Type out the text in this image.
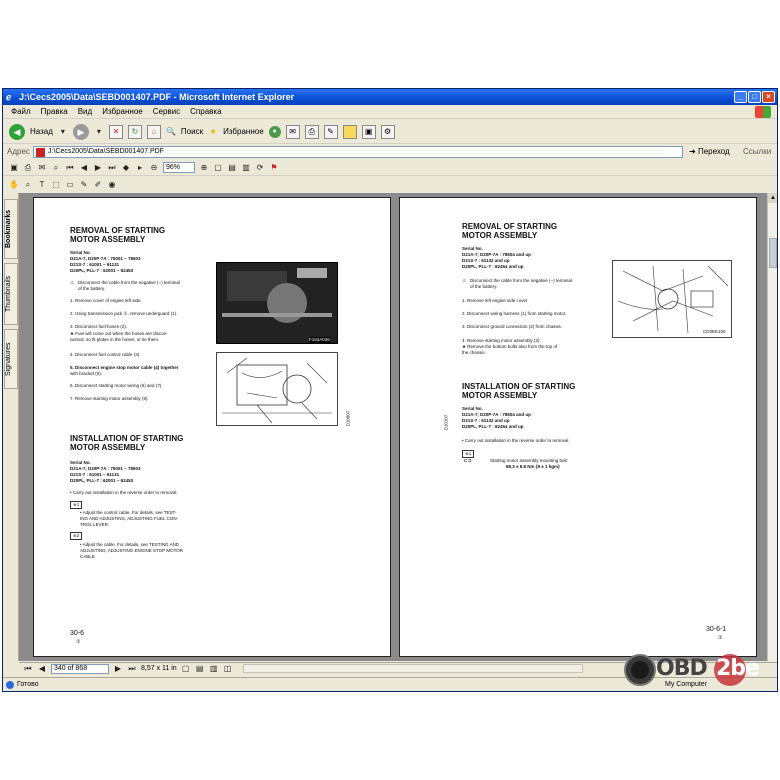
ℯ J:\Cecs2005\Data\SEBD001407.PDF - Microsoft Internet Explorer	_	□	×
Файл Правка Вид Избранное Сервис Справка
◀	Назад ▾	▶	▾	✕	↻	⌂	🔍 Поиск ★ Избранное	●	✉	⎙	✎	▣	⚙
Адрес	J:\Cecs2005\Data\SEBD001407.PDF	➜ Переход Ссылки
▣ ⎙ ✉	⌕	⏮ ◀ ▶ ⏭ ◆	▸	⊖	96%	⊕ ▢ ▤ ▥ ⟳ ⚑
✋ ⌕	T ⬚ ▭ ✎ ✐ ◉
Bookmarks
Thumbnails
Signatures
REMOVAL OF STARTING
MOTOR ASSEMBLY
Serial No.
D21A-7, D20P-7A : 75001 ~ 78603
D21S-7 : 61001 ~ 61131
D20PL, PLL-7 : 62001 ~ 62453
⚠ Disconnect the cable from the negative (−) terminal
of the battery.
1. Remove cover of engine left side.
2. Using transmission jack ①, remove underguard (1).
3. Disconnect fuel hoses (2).
★ Fuel will come out when the hoses are discon-
nected, so fit plates in the hoses, or tie them.
4. Disconnect fuel control cable (3).
5. Disconnect engine stop motor cable (4) together
with bracket (5).
6. Disconnect starting motor wiring (6) and (7).
7. Remove starting motor assembly (8).
F153A036
D10807
INSTALLATION OF STARTING
MOTOR ASSEMBLY
Serial No.
D21A-7, D20P-7A : 75001 ~ 78603
D21S-7 : 61001 ~ 61131
D20PL, PLL-7 : 62001 ~ 62453
• Carry out installation in the reverse order to removal.
※1
• Adjust the control cable. For details, see TEST-
ING AND ADJUSTING, ADJUSTING FUEL CON-
TROL LEVER.
※2
• Adjust the cable. For details, see TESTING AND
ADJUSTING, ADJUSTING ENGINE STOP MOTOR
CABLE.
30-6
①
REMOVAL OF STARTING
MOTOR ASSEMBLY
Serial No.
D21A-7, D20P-7A : 78604 and up
D21S-7 : 61132 and up
D20PL, PLL-7 : 62454 and up
⚠ Disconnect the cable from the negative (−) terminal
of the battery.
1. Remove left engine side cover.
2. Disconnect wiring harness (1) from starting motor.
3. Disconnect ground connection (2) from chassis.
4. Remove starting motor assembly (3).
★ Remove the bottom bolts also from the top of
the chassis.
CD3EE100
D10107
INSTALLATION OF STARTING
MOTOR ASSEMBLY
Serial No.
D21A-7, D20P-7A : 78604 and up
D21S-7 : 61132 and up
D20PL, PLL-7 : 62454 and up
• Carry out installation in the reverse order to removal.
※1
⊏⊐	Starting motor assembly mounting bolt:
88.3 ± 9.8 Nm {9 ± 1 kgm}
30-6-1
①
▲
⏮ ◀	340 of 868	▶ ⏭ 8,57 x 11 in ▢ ▤ ▥ ◫
Готово	My Computer
OBD 2be
